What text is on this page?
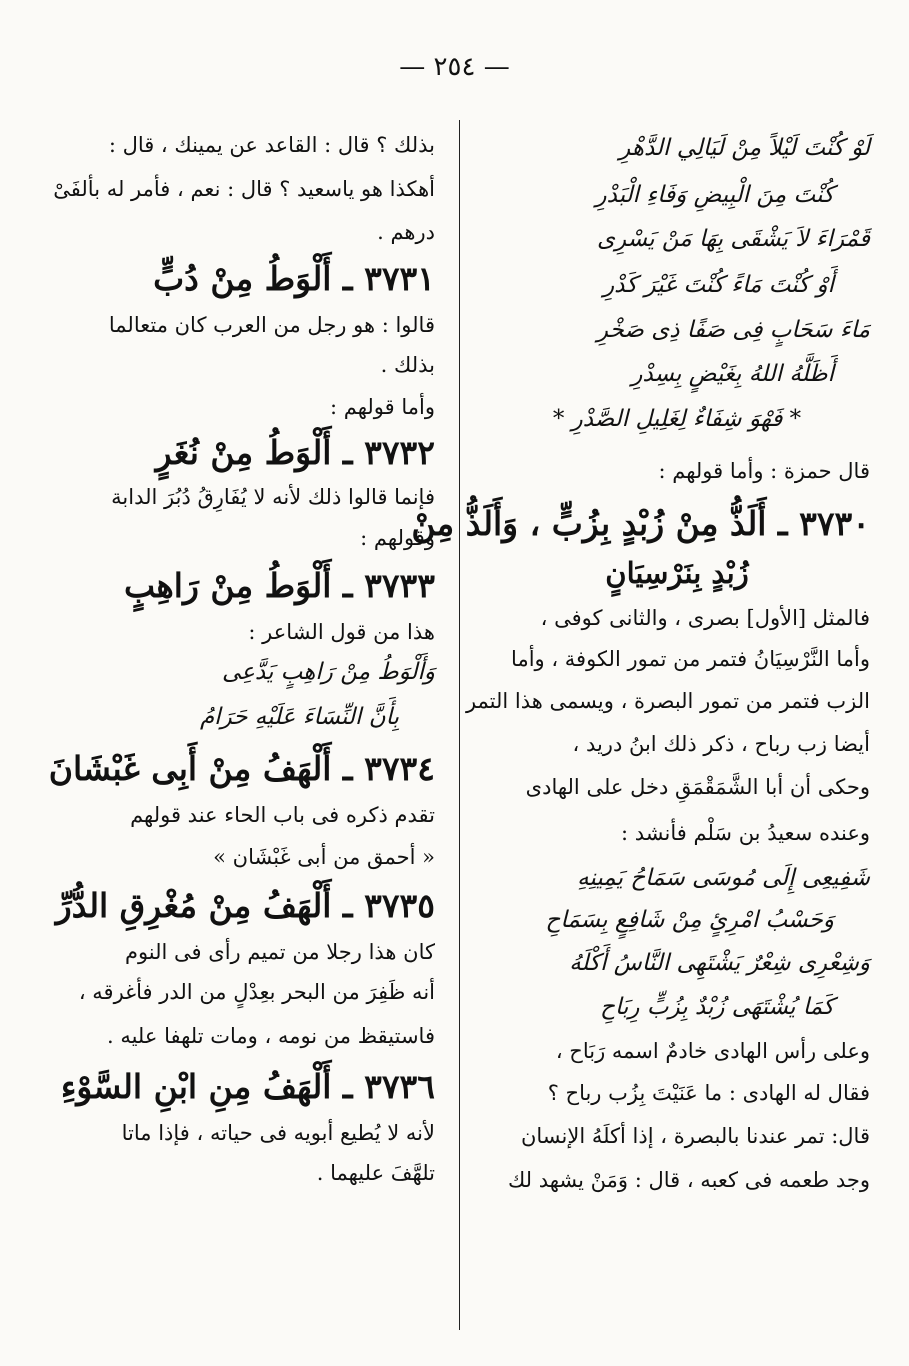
— ٢٥٤ —
لَوْ كُنْتَ لَيْلاً مِنْ لَيَالِي الدَّهْرِ
كُنْتَ مِنَ الْبِيضِ وَفَاءِ الْبَدْرِ
قَمْرَاءَ لاَ يَشْقَى بِهَا مَنْ يَسْرِى
أَوْ كُنْتَ مَاءً كُنْتَ غَيْرَ كَدْرِ
مَاءَ سَحَابٍ فِى صَفًا ذِى صَخْرِ
أَظَلَّهُ اللهُ بِغَيْضٍ بِسِدْرِ
* فَهْوَ شِفَاءٌ لِغَلِيلِ الصَّدْرِ *
قال حمزة : وأما قولهم :
٣٧٣٠ ـ أَلَذُّ مِنْ زُبْدٍ بِزُبٍّ ، وَأَلَذُّ مِنْ
زُبْدٍ بِنَرْسِيَانٍ
فالمثل [الأول] بصرى ، والثانى كوفى ،
وأما النَّرْسِيَانُ فتمر من تمور الكوفة ، وأما
الزب فتمر من تمور البصرة ، ويسمى هذا التمر
أيضا زب رباح ، ذكر ذلك ابنُ دريد ،
وحكى أن أبا الشَّمَقْمَقِ دخل على الهادى
وعنده سعيدُ بن سَلْم فأنشد :
شَفِيعِى إِلَى مُوسَى سَمَاحُ يَمِينِهِ
وَحَسْبُ امْرِئٍ مِنْ شَافِعٍ بِسَمَاحِ
وَشِعْرِى شِعْرٌ يَشْتَهِى النَّاسُ أَكْلَهُ
كَمَا يُشْتَهَى زُبْدٌ بِزُبٍّ رِبَاحِ
وعلى رأس الهادى خادمٌ اسمه رَبَاح ،
فقال له الهادى : ما عَنَيْتَ بِزُب رباح ؟
قال: تمر عندنا بالبصرة ، إذا أكلَهُ الإنسان
وجد طعمه فى كعبه ، قال : وَمَنْ يشهد لك
بذلك ؟ قال : القاعد عن يمينك ، قال :
أهكذا هو ياسعيد ؟ قال : نعم ، فأمر له بألفَىْ
درهم .
٣٧٣١ ـ أَلْوَطُ مِنْ دُبٍّ
قالوا : هو رجل من العرب كان متعالما
بذلك .
وأما قولهم :
٣٧٣٢ ـ أَلْوَطُ مِنْ نُغَرٍ
فإنما قالوا ذلك لأنه لا يُفَارِقُ دُبُرَ الدابة
وقولهم :
٣٧٣٣ ـ أَلْوَطُ مِنْ رَاهِبٍ
هذا من قول الشاعر :
وَأَلْوَطُ مِنْ رَاهِبٍ يَدَّعِى
بِأَنَّ النِّسَاءَ عَلَيْهِ حَرَامُ
٣٧٣٤ ـ أَلْهَفُ مِنْ أَبِى غَبْشَانَ
تقدم ذكره فى باب الحاء عند قولهم
« أحمق من أبى غَبْشَان »
٣٧٣٥ ـ أَلْهَفُ مِنْ مُغْرِقِ الدُّرِّ
كان هذا رجلا من تميم رأى فى النوم
أنه ظَفِرَ من البحر بعِدْلٍ من الدر فأغرقه ،
فاستيقظ من نومه ، ومات تلهفا عليه .
٣٧٣٦ ـ أَلْهَفُ مِنِ ابْنِ السَّوْءِ
لأنه لا يُطيع أبويه فى حياته ، فإذا ماتا
تلهَّفَ عليهما .
